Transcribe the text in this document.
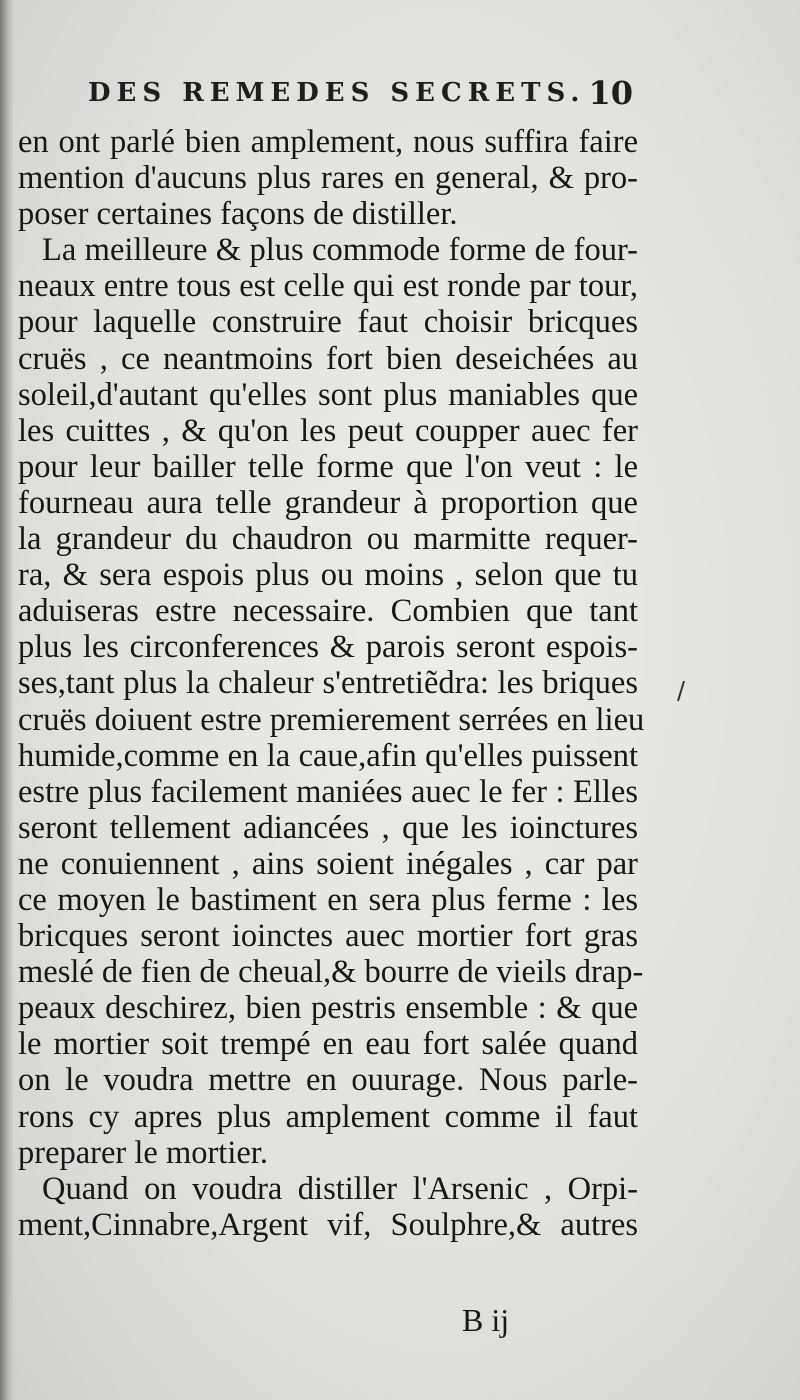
DES REMEDES SECRETS. 10
en ont parlé bien amplement, nous suffira faire
mention d'aucuns plus rares en general, & pro-
poser certaines façons de distiller.
La meilleure & plus commode forme de four-
neaux entre tous est celle qui est ronde par tour,
pour laquelle construire faut choisir bricques
cruës , ce neantmoins fort bien deseichées au
soleil,d'autant qu'elles sont plus maniables que
les cuittes , & qu'on les peut coupper auec fer
pour leur bailler telle forme que l'on veut : le
fourneau aura telle grandeur à proportion que
la grandeur du chaudron ou marmitte requer-
ra, & sera espois plus ou moins , selon que tu
aduiseras estre necessaire. Combien que tant
plus les circonferences & parois seront espois-
ses,tant plus la chaleur s'entretiẽdra: les briques
cruës doiuent estre premierement serrées en lieu
humide,comme en la caue,afin qu'elles puissent
estre plus facilement maniées auec le fer : Elles
seront tellement adiancées , que les ioinctures
ne conuiennent , ains soient inégales , car par
ce moyen le bastiment en sera plus ferme : les
bricques seront ioinctes auec mortier fort gras
meslé de fien de cheual,& bourre de vieils drap-
peaux deschirez, bien pestris ensemble : & que
le mortier soit trempé en eau fort salée quand
on le voudra mettre en ouurage. Nous parle-
rons cy apres plus amplement comme il faut
preparer le mortier.
Quand on voudra distiller l'Arsenic , Orpi-
ment,Cinnabre,Argent vif, Soulphre,& autres
B ij
